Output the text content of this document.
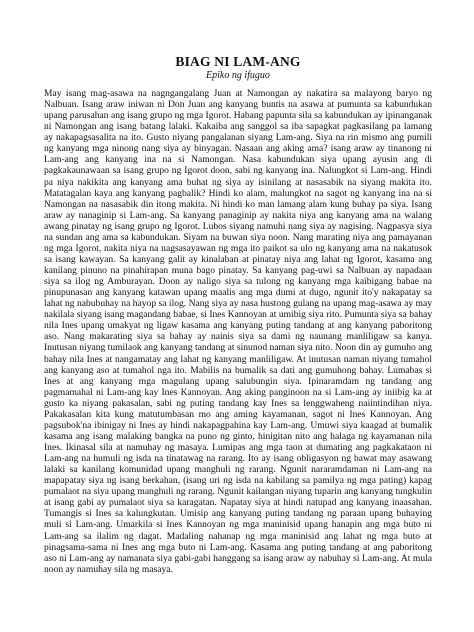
BIAG NI LAM-ANG
Epiko ng ifuguo

May isang mag-asawa na nagngangalang Juan at Namongan ay nakatira sa malayong baryo ng Nalbuan. Isang araw iniwan ni Don Juan ang kanyang buntis na asawa at pumunta sa kabundukan upang parusahan ang isang grupo ng mga Igorot. Habang papunta sila sa kabundukan ay ipinanganak ni Namongan ang isang batang lalaki. Kakaiba ang sanggol sa iba sapagkat pagkasilang pa lamang ay nakapagsasalita na ito. Gusto niyang pangalanan siyang Lam-ang. Siya na rin mismo ang pumili ng kanyang mga ninong nang siya ay binyagan. Nasaan ang aking ama? isang araw ay tinanong ni Lam-ang ang kanyang ina na si Namongan. Nasa kabundukan siya upang ayusin ang di pagkakaunawaan sa isang grupo ng Igorot doon, sabi ng kanyang ina. Nalungkot si Lam-ang. Hindi pa niya nakikita ang kanyang ama buhat ng siya ay isinilang at nasasabik na siyang makita ito. Matatagalan kaya ang kanyang pagbalik? Hindi ko alam, malungkot na sagot ng kanyang ina na si Namongan na nasasabik din itong makita. Ni hindi ko man lamang alam kung buhay pa siya. Isang araw ay nanaginip si Lam-ang. Sa kanyang panaginip ay nakita niya ang kanyang ama na walang awang pinatay ng isang grupo ng Igorot. Lubos siyang namuhi nang siya ay nagising. Nagpasya siya na sundan ang ama sa kabundukan. Siyam na buwan siya noon. Nang marating niya ang pamayanan ng mga Igorot, nakita niya na nagsasayawan ng mga ito paikot sa ulo ng kanyang ama na nakatusok sa isang kawayan. Sa kanyang galit ay kinalaban at pinatay niya ang lahat ng Igorot, kasama ang kanilang pinuno na pinahirapan muna bago pinatay. Sa kanyang pag-uwi sa Nalbuan ay napadaan siya sa ilog ng Amburayan. Doon ay naligo siya sa tulong ng kanyang mga kaibigang babae na pinupunasan ang kanyang katawan upang maalis ang mga dumi at dugo, ngunit ito'y nakapatay sa lahat ng nabubuhay na hayop sa ilog. Nang siya ay nasa hustong gulang na upang mag-asawa ay may nakilala siyang isang magandang babae, si Ines Kannoyan at umibig siya rito. Pumunta siya sa bahay nila Ines upang umakyat ng ligaw kasama ang kanyang puting tandang at ang kanyang paboritong aso. Nang makarating siya sa bahay ay nainis siya sa dami ng naunang manliligaw sa kanya. Inutusan niyang tumilaok ang kanyang tandang at sinunod naman siya nito. Noon din ay gumuho ang bahay nila Ines at nangamatay ang lahat ng kanyang manliligaw. At inutusan naman niyang tumahol ang kanyang aso at tumahol nga ito. Mabilis na bumalik sa dati ang gumuhong bahay. Lumabas si Ines at ang kanyang mga magulang upang salubungin siya. Ipinaramdam ng tandang ang pagmamahal ni Lam-ang kay Ines Kannoyan. Ang aking panginoon na si Lam-ang ay iniibig ka at gusto ka niyang pakasalan, sabi ng puting tandang kay Ines sa lenggwaheng naiintindihan niya. Pakakasalan kita kung matutumbasan mo ang aming kayamanan, sagot ni Ines Kannoyan. Ang pagsubok'na ibinigay ni Ines ay hindi nakapagpahina kay Lam-ang. Umuwi siya kaagad at bumalik kasama ang isang malaking bangka na puno ng ginto, hinigitan nito ang halaga ng kayamanan nila Ines. Ikinasal sila at namuhay ng masaya. Lumipas ang mga taon at dumating ang pagkakataon ni Lam-ang na humuli ng isda na tinatawag na rarang. Ito ay isang obligasyon ng bawat may asawang lalaki sa kanilang komunidad upang manghuli ng rarang. Ngunit nararamdaman ni Lam-ang na mapapatay siya ng isang berkahan, (isang uri ng isda na kabilang sa pamilya ng mga pating) kapag pumalaot na siya upang manghuli ng rarang. Ngunit kailangan niyang tuparin ang kanyang tungkulin at isang gabi ay pumalaot siya sa karagatan. Napatay siya at hindi natupad ang kanyang inaasahan. Tumangis si Ines sa kalungkutan. Umisip ang kanyang puting tandang ng paraan upang buhaying muli si Lam-ang. Umarkila si Ines Kannoyan ng mga maninisid upang hanapin ang mga buto ni Lam-ang sa ilalim ng dagat. Madaling nahanap ng mga maninisid ang lahat ng mga buto at pinagsama-sama ni Ines ang mga buto ni Lam-ang. Kasama ang puting tandang at ang paboritong aso ni Lam-ang ay namanata siya gabi-gabi hanggang sa isang araw ay nabuhay si Lam-ang. At mula noon ay namuhay sila ng masaya.
